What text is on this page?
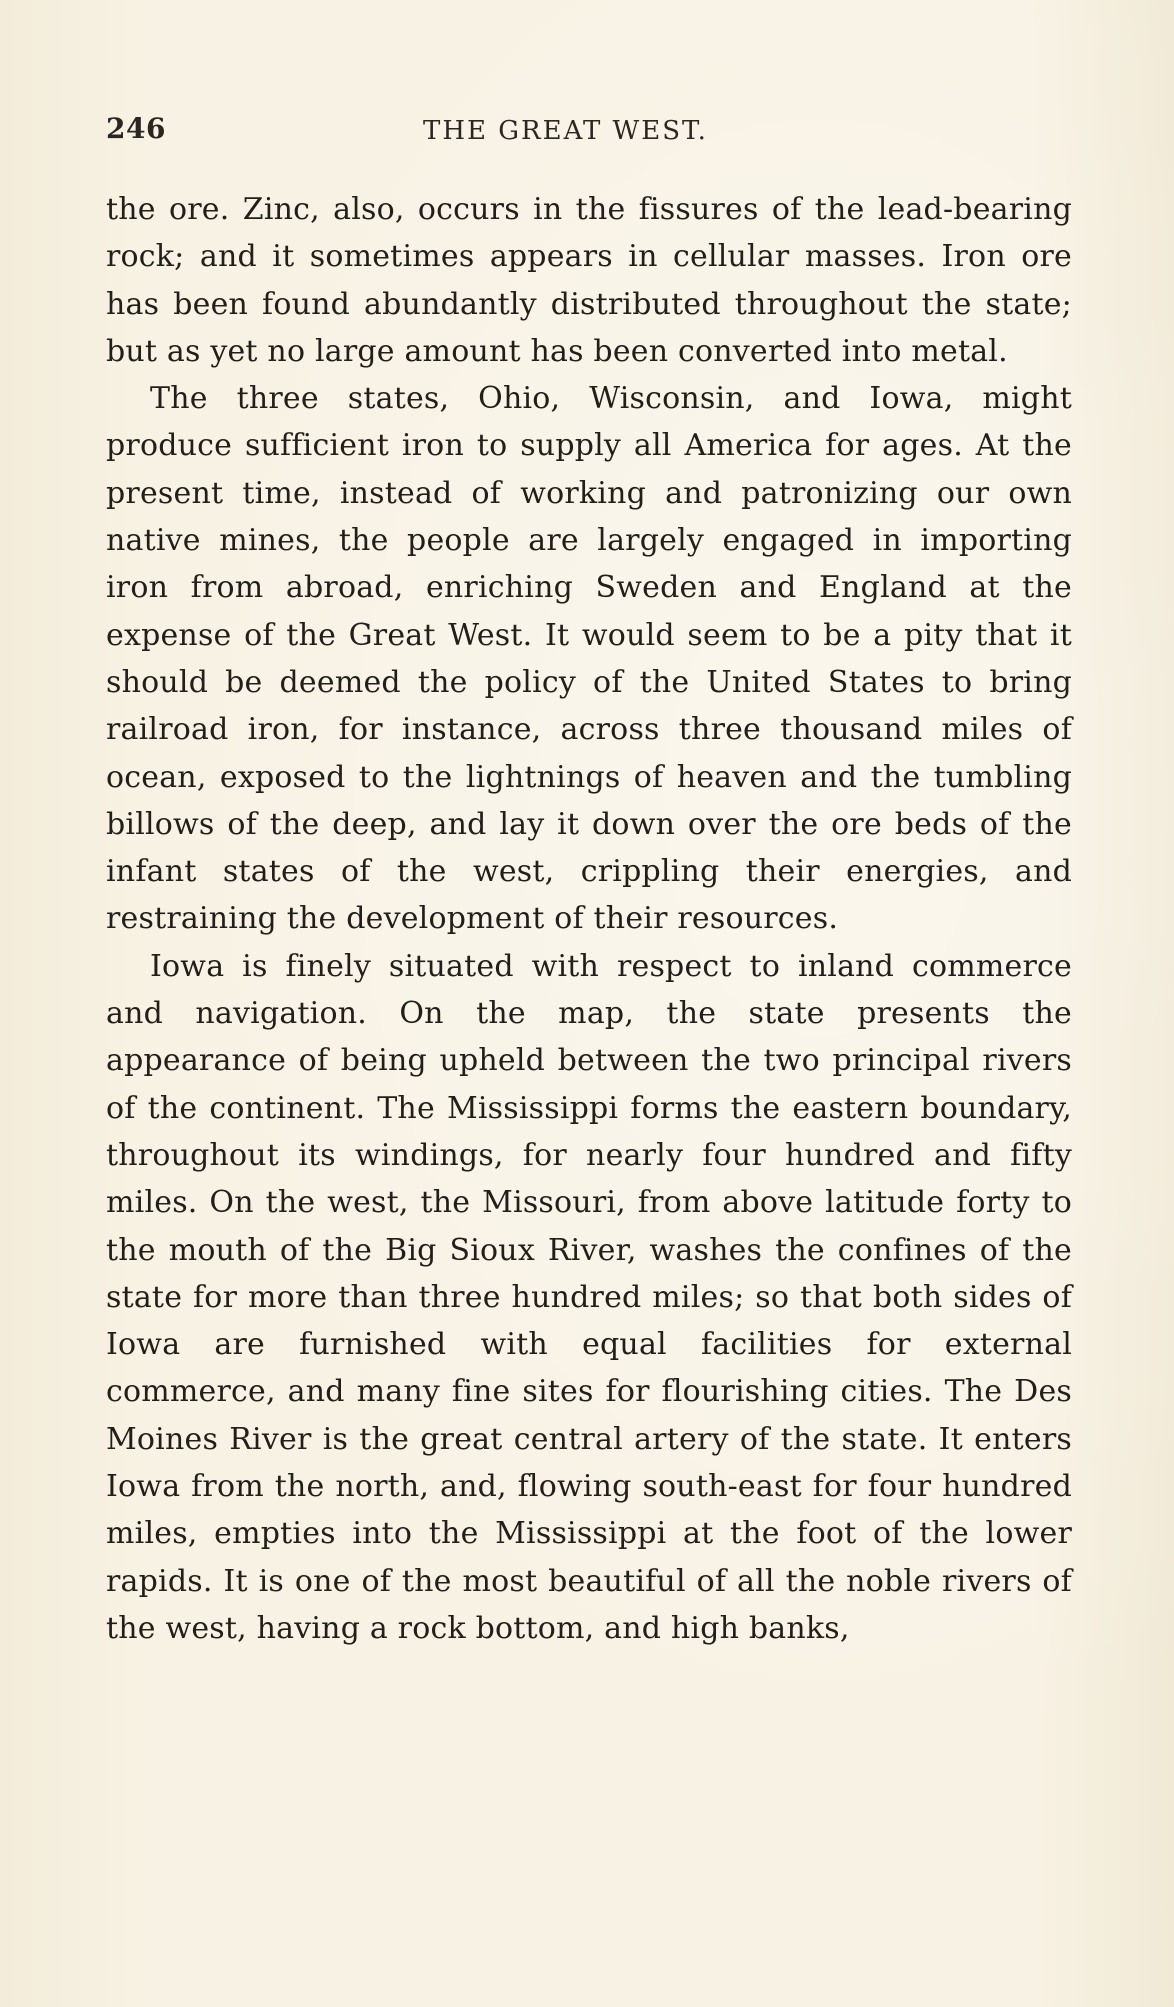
246	THE GREAT WEST.

the ore. Zinc, also, occurs in the fissures of the lead-bearing rock; and it sometimes appears in cellular masses. Iron ore has been found abundantly distributed throughout the state; but as yet no large amount has been converted into metal.

The three states, Ohio, Wisconsin, and Iowa, might produce sufficient iron to supply all America for ages. At the present time, instead of working and patronizing our own native mines, the people are largely engaged in importing iron from abroad, enriching Sweden and England at the expense of the Great West. It would seem to be a pity that it should be deemed the policy of the United States to bring railroad iron, for instance, across three thousand miles of ocean, exposed to the lightnings of heaven and the tumbling billows of the deep, and lay it down over the ore beds of the infant states of the west, crippling their energies, and restraining the development of their resources.

Iowa is finely situated with respect to inland commerce and navigation. On the map, the state presents the appearance of being upheld between the two principal rivers of the continent. The Mississippi forms the eastern boundary, throughout its windings, for nearly four hundred and fifty miles. On the west, the Missouri, from above latitude forty to the mouth of the Big Sioux River, washes the confines of the state for more than three hundred miles; so that both sides of Iowa are furnished with equal facilities for external commerce, and many fine sites for flourishing cities. The Des Moines River is the great central artery of the state. It enters Iowa from the north, and, flowing south-east for four hundred miles, empties into the Mississippi at the foot of the lower rapids. It is one of the most beautiful of all the noble rivers of the west, having a rock bottom, and high banks,
